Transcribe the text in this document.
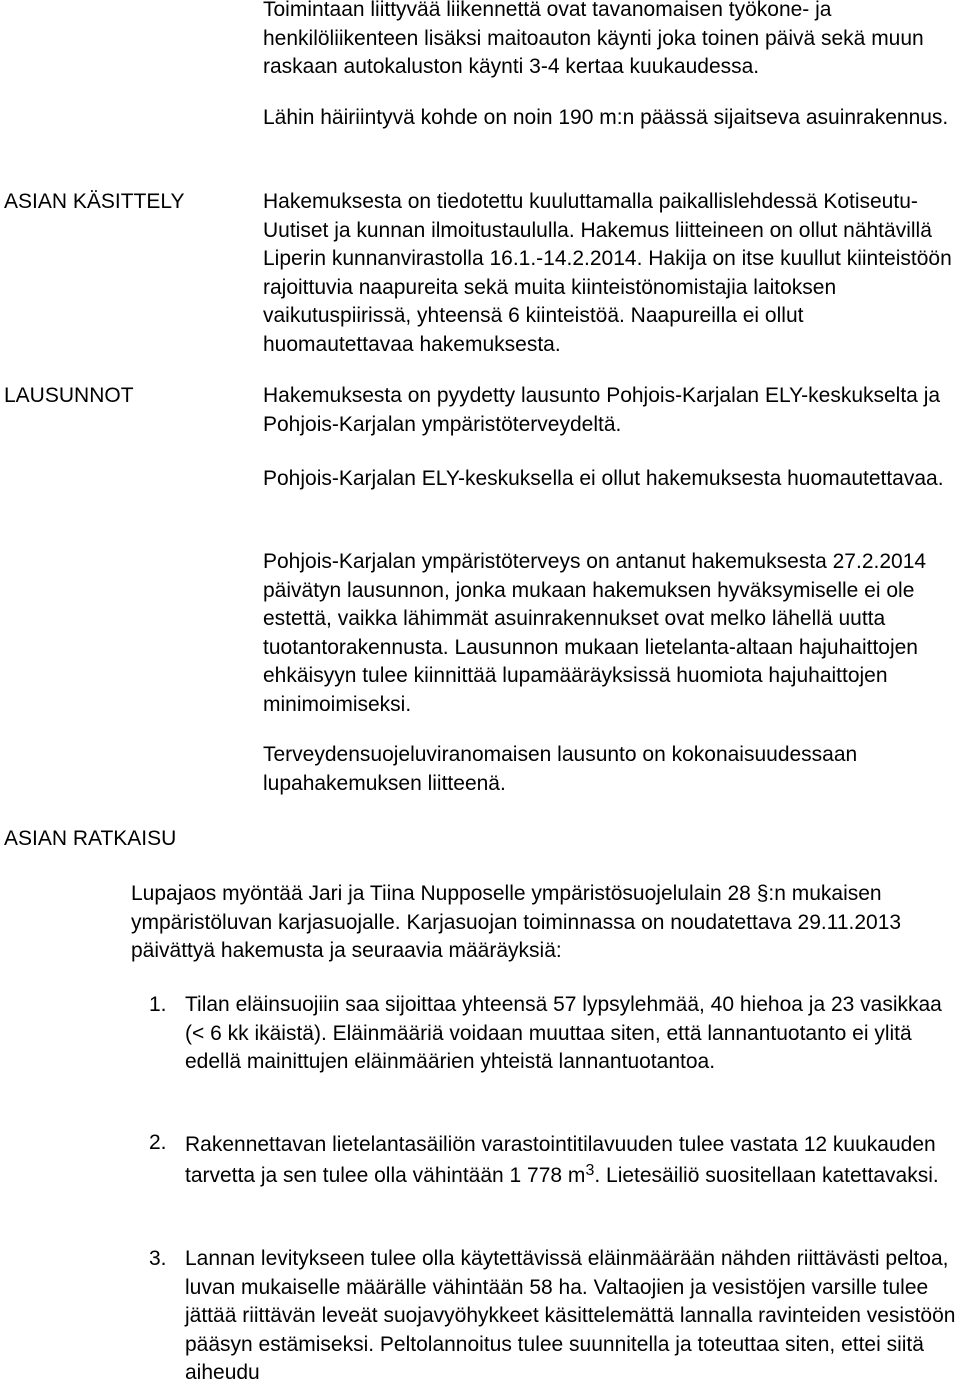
ASIAN KÄSITTELY
LAUSUNNOT
ASIAN RATKAISU

Toimintaan liittyvää liikennettä ovat tavanomaisen työkone- ja henkilöliikenteen lisäksi maitoauton käynti joka toinen päivä sekä muun raskaan autokaluston käynti 3-4 kertaa kuukaudessa.

Lähin häiriintyvä kohde on noin 190 m:n päässä sijaitseva asuinrakennus.

Hakemuksesta on tiedotettu kuuluttamalla paikallislehdessä Kotiseutu-Uutiset ja kunnan ilmoitustaululla. Hakemus liitteineen on ollut nähtävillä Liperin kunnanvirastolla 16.1.-14.2.2014. Hakija on itse kuullut kiinteistöön rajoittuvia naapureita sekä muita kiinteistönomistajia laitoksen vaikutuspiirissä, yhteensä 6 kiinteistöä. Naapureilla ei ollut huomautettavaa hakemuksesta.

Hakemuksesta on pyydetty lausunto Pohjois-Karjalan ELY-keskukselta ja Pohjois-Karjalan ympäristöterveydeltä.

Pohjois-Karjalan ELY-keskuksella ei ollut hakemuksesta huomautettavaa.

Pohjois-Karjalan ympäristöterveys on antanut hakemuksesta 27.2.2014 päivätyn lausunnon, jonka mukaan hakemuksen hyväksymiselle ei ole estettä, vaikka lähimmät asuinrakennukset ovat melko lähellä uutta tuotantorakennusta. Lausunnon mukaan lietelanta-altaan hajuhaittojen ehkäisyyn tulee kiinnittää lupamääräyksissä huomiota hajuhaittojen minimoimiseksi.

Terveydensuojeluviranomaisen lausunto on kokonaisuudessaan lupahakemuksen liitteenä.

Lupajaos myöntää Jari ja Tiina Nupposelle ympäristösuojelulain 28 §:n mukaisen ympäristöluvan karjasuojalle. Karjasuojan toiminnassa on noudatettava 29.11.2013 päivättyä hakemusta ja seuraavia määräyksiä:

1. Tilan eläinsuojiin saa sijoittaa yhteensä 57 lypsylehmää, 40 hiehoa ja 23 vasikkaa (< 6 kk ikäistä). Eläinmääriä voidaan muuttaa siten, että lannantuotanto ei ylitä edellä mainittujen eläinmäärien yhteistä lannantuotantoa.

2. Rakennettavan lietelantasäiliön varastointitilavuuden tulee vastata 12 kuukauden tarvetta ja sen tulee olla vähintään 1 778 $m^3$. Lietesäiliö suositellaan katettavaksi.

3. Lannan levitykseen tulee olla käytettävissä eläinmäärään nähden riittävästi peltoa, luvan mukaiselle määrälle vähintään 58 ha. Valtaojien ja vesistöjen varsille tulee jättää riittävän leveät suojavyöhykkeet käsittelemättä lannalla ravinteiden vesistöön pääsyn estämiseksi. Peltolannoitus tulee suunnitella ja toteuttaa siten, ettei siitä aiheudu
